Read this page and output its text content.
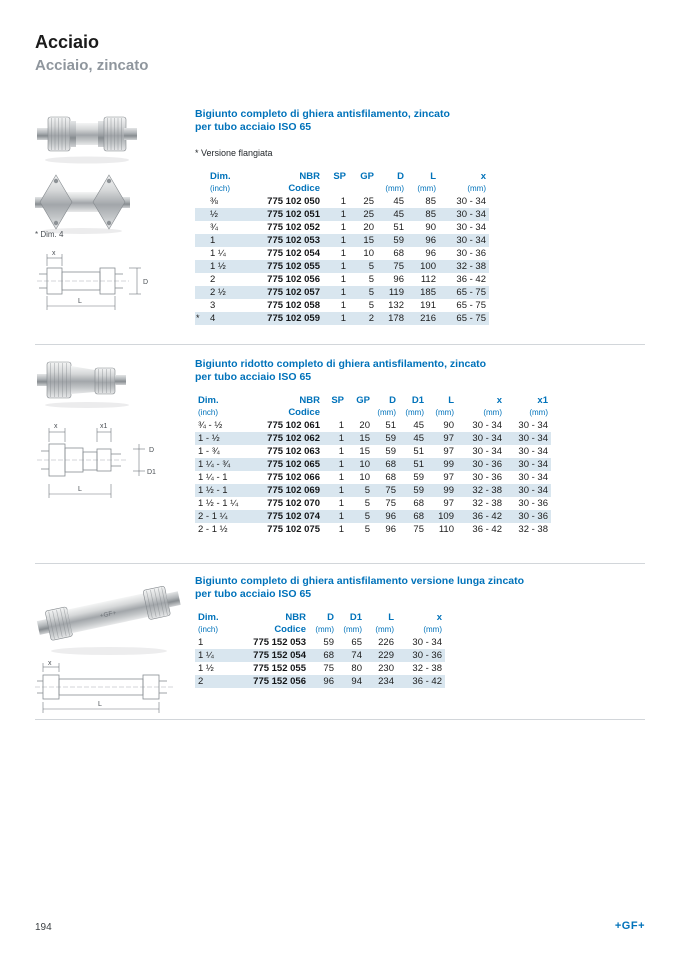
Acciaio
Acciaio, zincato
* Dim. 4
x
L
D
Bigiunto completo di ghiera antisfilamento, zincato
per tubo acciaio ISO 65
* Versione flangiata
	Dim.	NBR	SP	GP	D	L	x
	(inch)	Codice			(mm)	(mm)	(mm)
	⅜	775 102 050	1	25	45	85	30 - 34
	½	775 102 051	1	25	45	85	30 - 34
	¾	775 102 052	1	20	51	90	30 - 34
	1	775 102 053	1	15	59	96	30 - 34
	1 ¼	775 102 054	1	10	68	96	30 - 36
	1 ½	775 102 055	1	5	75	100	32 - 38
	2	775 102 056	1	5	96	112	36 - 42
	2 ½	775 102 057	1	5	119	185	65 - 75
	3	775 102 058	1	5	132	191	65 - 75
*	4	775 102 059	1	2	178	216	65 - 75
x	x1
D
D1
L
Bigiunto ridotto completo di ghiera antisfilamento, zincato
per tubo acciaio ISO 65
Dim.	NBR	SP	GP	D	D1	L	x	x1
(inch)	Codice			(mm)	(mm)	(mm)	(mm)	(mm)
¾ - ½	775 102 061	1	20	51	45	90	30 - 34	30 - 34
1 - ½	775 102 062	1	15	59	45	97	30 - 34	30 - 34
1 - ¾	775 102 063	1	15	59	51	97	30 - 34	30 - 34
1 ¼ - ¾	775 102 065	1	10	68	51	99	30 - 36	30 - 34
1 ¼ - 1	775 102 066	1	10	68	59	97	30 - 36	30 - 34
1 ½ - 1	775 102 069	1	5	75	59	99	32 - 38	30 - 34
1 ½ - 1 ¼	775 102 070	1	5	75	68	97	32 - 38	30 - 36
2 - 1 ¼	775 102 074	1	5	96	68	109	36 - 42	30 - 36
2 - 1 ½	775 102 075	1	5	96	75	110	36 - 42	32 - 38
+GF+
x
L
Bigiunto completo di ghiera antisfilamento versione lunga zincato
per tubo acciaio ISO 65
Dim.	NBR	D	D1	L	x
(inch)	Codice	(mm)	(mm)	(mm)	(mm)
1	775 152 053	59	65	226	30 - 34
1 ¼	775 152 054	68	74	229	30 - 36
1 ½	775 152 055	75	80	230	32 - 38
2	775 152 056	96	94	234	36 - 42
194	+GF+
